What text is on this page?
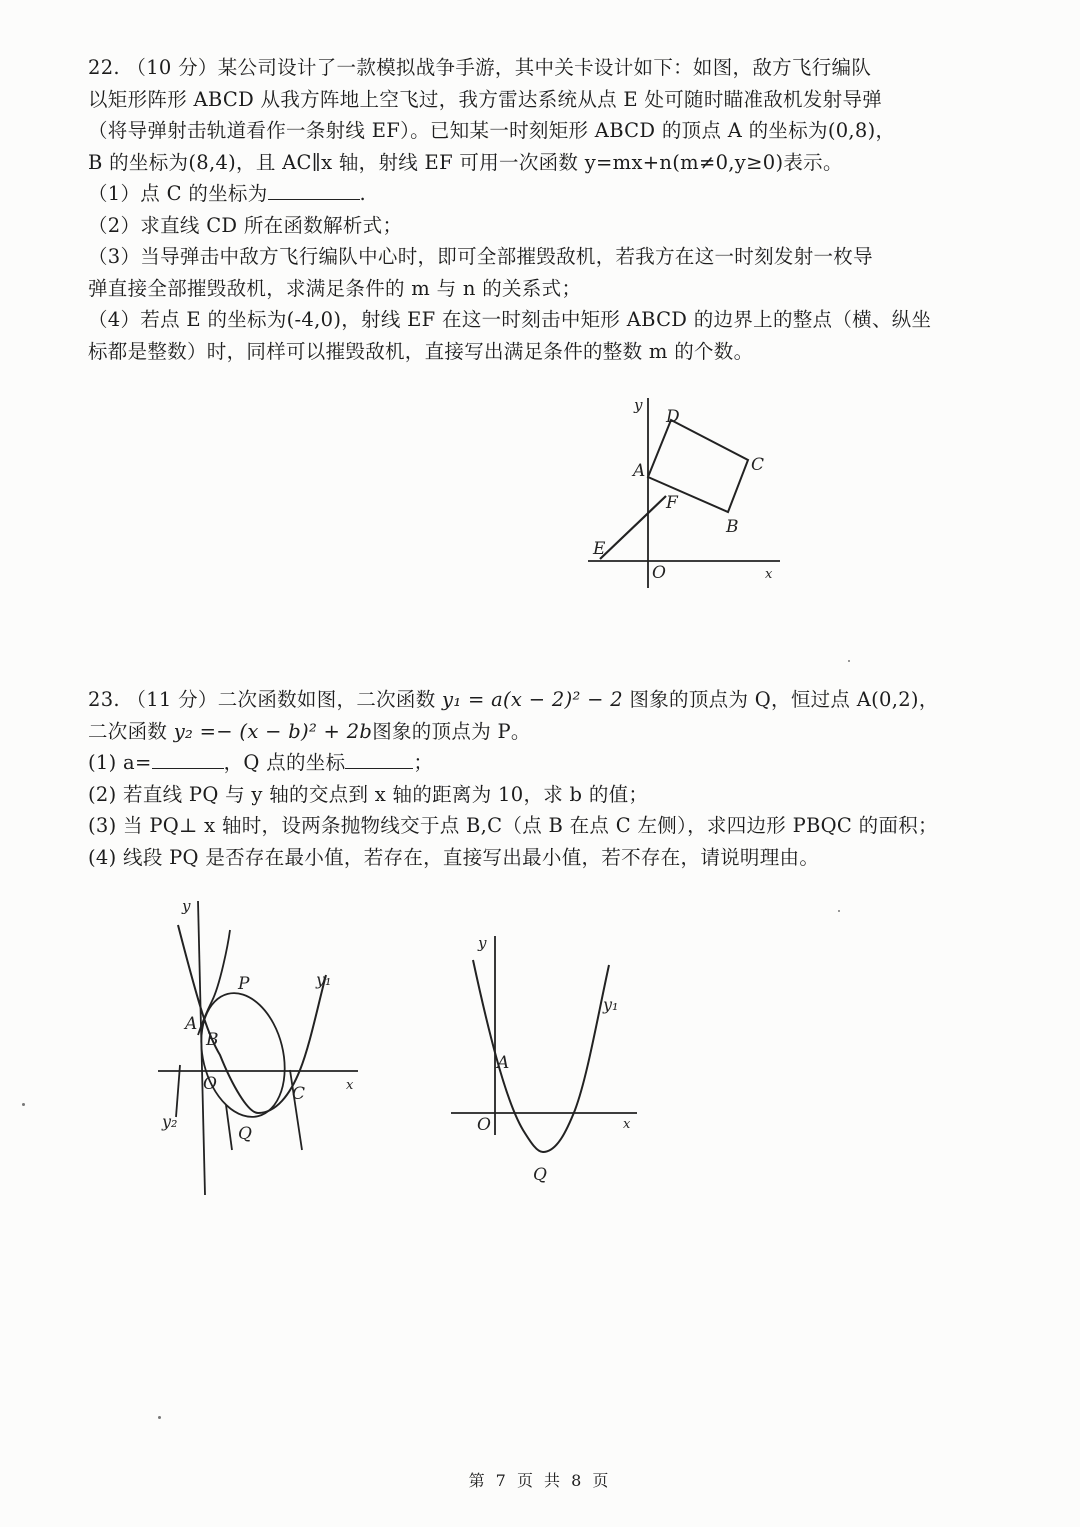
22. （10 分）某公司设计了一款模拟战争手游，其中关卡设计如下：如图，敌方飞行编队
以矩形阵形 ABCD 从我方阵地上空飞过，我方雷达系统从点 E 处可随时瞄准敌机发射导弹
（将导弹射击轨道看作一条射线 EF）。已知某一时刻矩形 ABCD 的顶点 A 的坐标为(0,8)，
B 的坐标为(8,4)，且 AC∥x 轴，射线 EF 可用一次函数 y=mx+n(m≠0,y≥0)表示。
（1）点 C 的坐标为	.
（2）求直线 CD 所在函数解析式；
（3）当导弹击中敌方飞行编队中心时，即可全部摧毁敌机，若我方在这一时刻发射一枚导
弹直接全部摧毁敌机，求满足条件的 m 与 n 的关系式；
（4）若点 E 的坐标为(-4,0)，射线 EF 在这一时刻击中矩形 ABCD 的边界上的整点（横、纵坐
标都是整数）时，同样可以摧毁敌机，直接写出满足条件的整数 m 的个数。
y
x
O
A
B
C
D
E
F
23. （11 分）二次函数如图，二次函数 y₁ = a(x − 2)² − 2 图象的顶点为 Q，恒过点 A(0,2)，
二次函数 y₂ =− (x − b)² + 2b图象的顶点为 P。
(1) a=	，Q 点的坐标	；
(2) 若直线 PQ 与 y 轴的交点到 x 轴的距离为 10，求 b 的值；
(3) 当 PQ⊥ x 轴时，设两条抛物线交于点 B,C（点 B 在点 C 左侧），求四边形 PBQC 的面积；
(4) 线段 PQ 是否存在最小值，若存在，直接写出最小值，若不存在，请说明理由。
y
x
O
A
B
C
P
Q
y₁
y₂
y
x
O
A
Q
y₁
第 7 页 共 8 页
